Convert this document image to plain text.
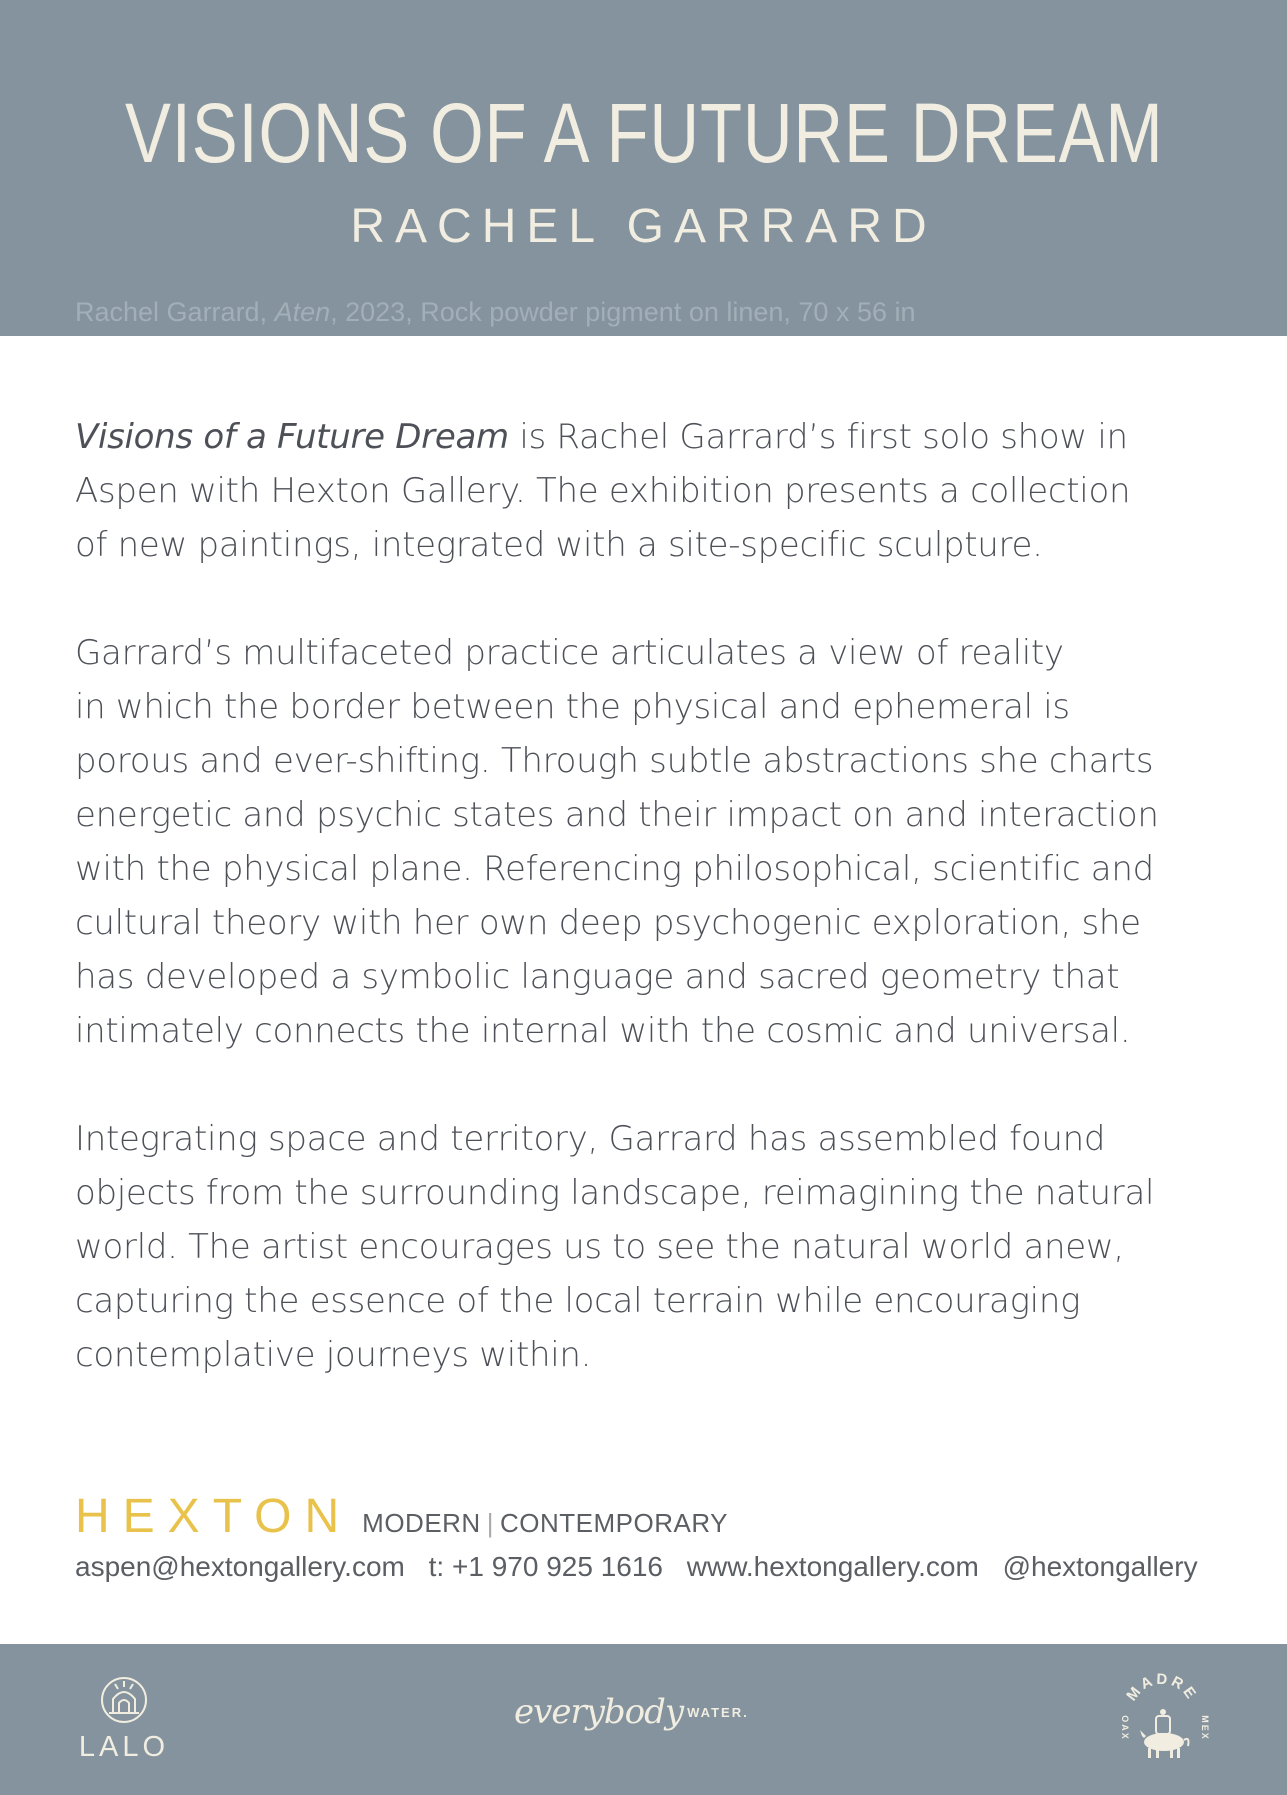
VISIONS OF A FUTURE DREAM
RACHEL GARRARD
Rachel Garrard, Aten, 2023, Rock powder pigment on linen, 70 x 56 in

Visions of a Future Dream is Rachel Garrard’s first solo show in
Aspen with Hexton Gallery. The exhibition presents a collection
of new paintings, integrated with a site-specific sculpture.

Garrard’s multifaceted practice articulates a view of reality
in which the border between the physical and ephemeral is
porous and ever-shifting. Through subtle abstractions she charts
energetic and psychic states and their impact on and interaction
with the physical plane. Referencing philosophical, scientific and
cultural theory with her own deep psychogenic exploration, she
has developed a symbolic language and sacred geometry that
intimately connects the internal with the cosmic and universal.

Integrating space and territory, Garrard has assembled found
objects from the surrounding landscape, reimagining the natural
world. The artist encourages us to see the natural world anew,
capturing the essence of the local terrain while encouraging
contemplative journeys within.

HEXTON MODERN | CONTEMPORARY
aspen@hextongallery.com t: +1 970 925 1616 www.hextongallery.com @hextongallery
LALO
everybody $^{WATER.}$
MADRE
OAX	MEX
